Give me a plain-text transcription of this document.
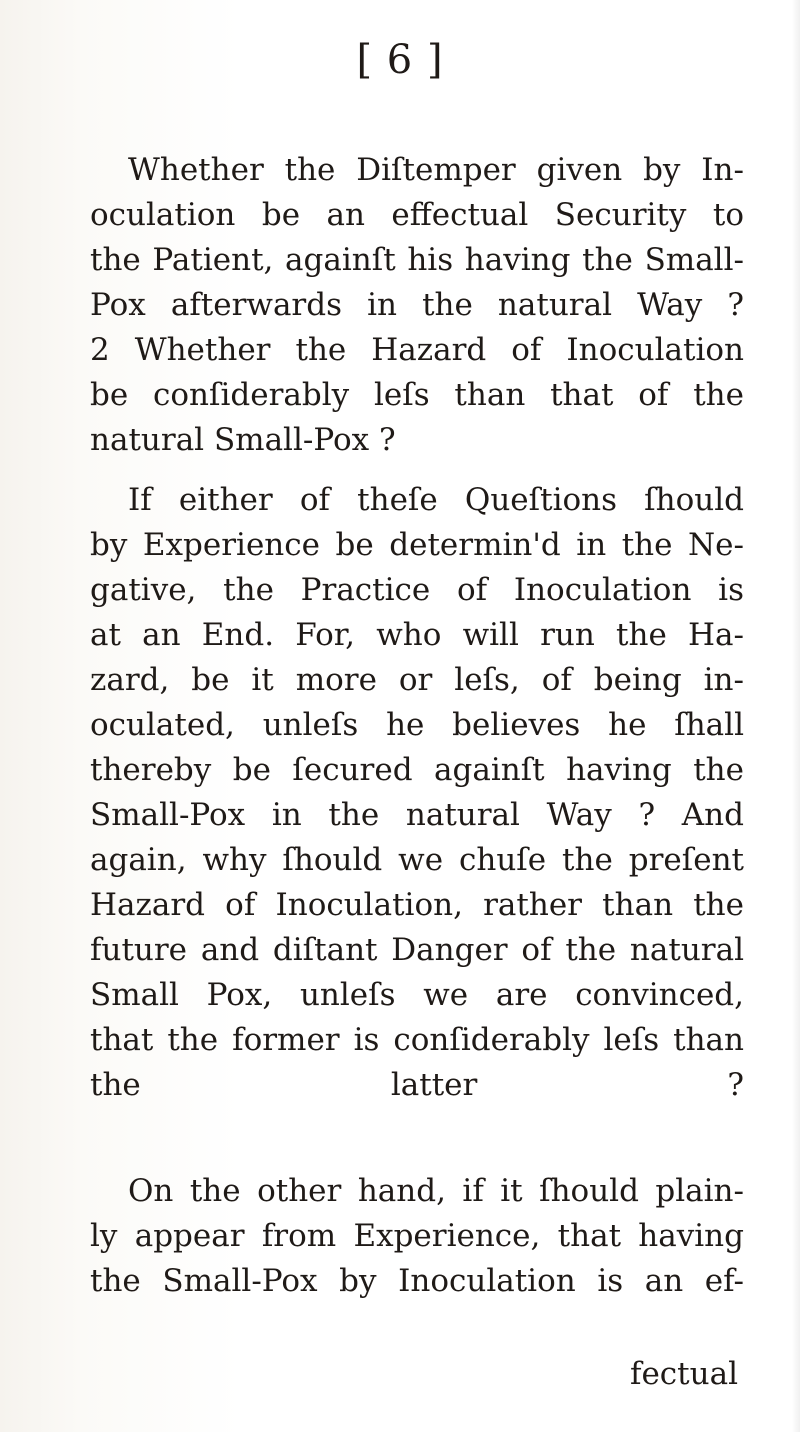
[ 6 ]

Whether the Diſtemper given by In-
oculation be an effectual Security to
the Patient, againſt his having the Small-
Pox afterwards in the natural Way ?
2 Whether the Hazard of Inoculation
be conſiderably leſs than that of the
natural Small-Pox ?

If either of theſe Queſtions ſhould
by Experience be determin'd in the Ne-
gative, the Practice of Inoculation is
at an End. For, who will run the Ha-
zard, be it more or leſs, of being in-
oculated, unleſs he believes he ſhall
thereby be ſecured againſt having the
Small-Pox in the natural Way ? And
again, why ſhould we chuſe the preſent
Hazard of Inoculation, rather than the
future and diſtant Danger of the natural
Small Pox, unleſs we are convinced,
that the former is conſiderably leſs than
the latter ?

On the other hand, if it ſhould plain-
ly appear from Experience, that having
the Small-Pox by Inoculation is an ef-

fectual
